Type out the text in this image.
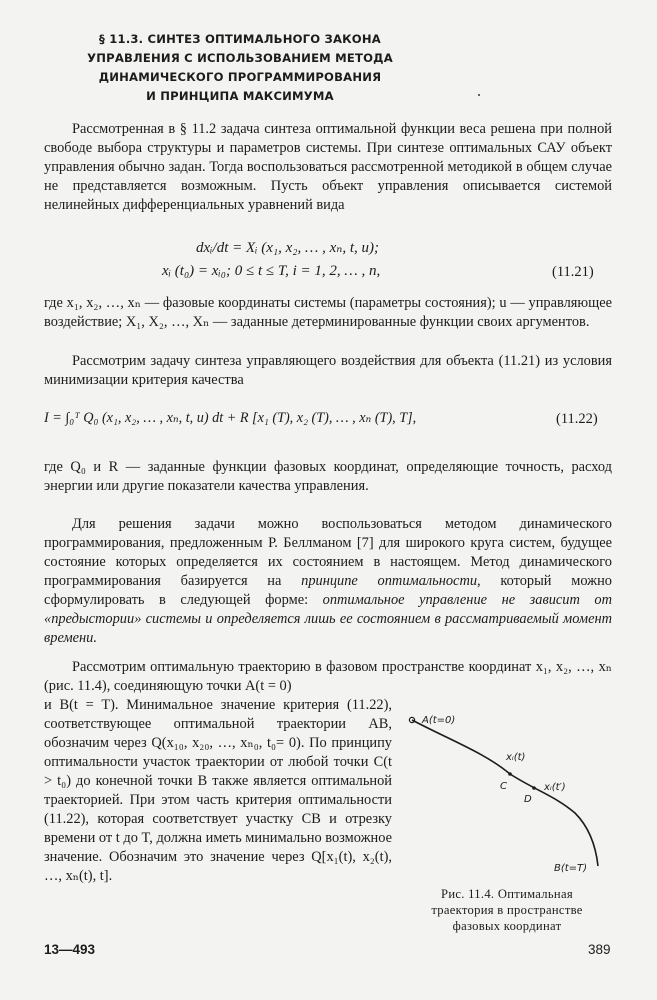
§ 11.3. СИНТЕЗ ОПТИМАЛЬНОГО ЗАКОНА
УПРАВЛЕНИЯ С ИСПОЛЬЗОВАНИЕМ МЕТОДА
ДИНАМИЧЕСКОГО ПРОГРАММИРОВАНИЯ
И ПРИНЦИПА МАКСИМУМА

Рассмотренная в § 11.2 задача синтеза оптимальной функции веса решена при полной свободе выбора структуры и параметров системы. При синтезе оптимальных САУ объект управления обычно задан. Тогда воспользоваться рассмотренной методикой в общем случае не представляется возможным. Пусть объект управления описывается системой нелинейных дифференциальных уравнений вида

dxᵢ/dt = Xᵢ (x₁, x₂, … , xₙ, t, u);
xᵢ (t₀) = xᵢ₀; 0 ≤ t ≤ T, i = 1, 2, … , n,	(11.21)

где x₁, x₂, …, xₙ — фазовые координаты системы (параметры состояния); u — управляющее воздействие; X₁, X₂, …, Xₙ — заданные детерминированные функции своих аргументов.

Рассмотрим задачу синтеза управляющего воздействия для объекта (11.21) из условия минимизации критерия качества

I = ∫₀ᵀ Q₀ (x₁, x₂, … , xₙ, t, u) dt + R [x₁ (T), x₂ (T), … , xₙ (T), T],	(11.22)

где Q₀ и R — заданные функции фазовых координат, определяющие точность, расход энергии или другие показатели качества управления.

Для решения задачи можно воспользоваться методом динамического программирования, предложенным Р. Беллманом [7] для широкого круга систем, будущее состояние которых определяется их состоянием в настоящем. Метод динамического программирования базируется на принципе оптимальности, который можно сформулировать в следующей форме: оптимальное управление не зависит от «предыстории» системы и определяется лишь ее состоянием в рассматриваемый момент времени.

Рассмотрим оптимальную траекторию в фазовом пространстве координат x₁, x₂, …, xₙ (рис. 11.4), соединяющую точки A(t = 0)

и B(t = T). Минимальное значение критерия (11.22), соответствующее оптимальной траектории AB, обозначим через Q(x₁₀, x₂₀, …, xₙ₀, t₀= 0). По принципу оптимальности участок траектории от любой точки C(t > t₀) до конечной точки B также является оптимальной траекторией. При этом часть критерия оптимальности (11.22), которая соответствует участку CB и отрезку времени от t до T, должна иметь минимально возможное значение. Обозначим это значение через Q[x₁(t), x₂(t), …, xₙ(t), t].

A(t=0)
xᵢ(t)
C
D
xᵢ(t′)
B(t=T)
Рис. 11.4. Оптимальная
траектория в пространстве
фазовых координат
13—493	389
